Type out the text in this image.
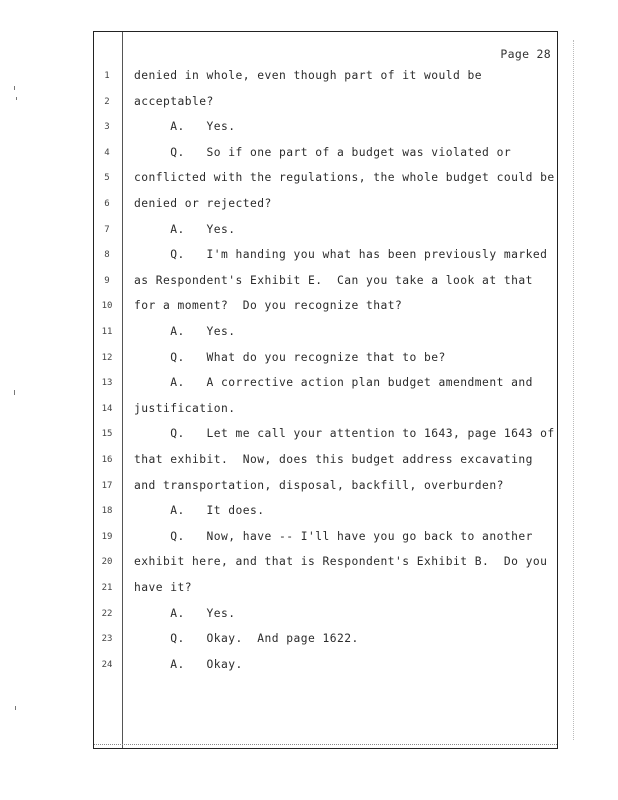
Page 28
1	denied in whole, even though part of it would be
2	acceptable?
3	A.   Yes.
4	Q.   So if one part of a budget was violated or
5	conflicted with the regulations, the whole budget could be
6	denied or rejected?
7	A.   Yes.
8	Q.   I'm handing you what has been previously marked
9	as Respondent's Exhibit E.  Can you take a look at that
10	for a moment?  Do you recognize that?
11	A.   Yes.
12	Q.   What do you recognize that to be?
13	A.   A corrective action plan budget amendment and
14	justification.
15	Q.   Let me call your attention to 1643, page 1643 of
16	that exhibit.  Now, does this budget address excavating
17	and transportation, disposal, backfill, overburden?
18	A.   It does.
19	Q.   Now, have -- I'll have you go back to another
20	exhibit here, and that is Respondent's Exhibit B.  Do you
21	have it?
22	A.   Yes.
23	Q.   Okay.  And page 1622.
24	A.   Okay.
